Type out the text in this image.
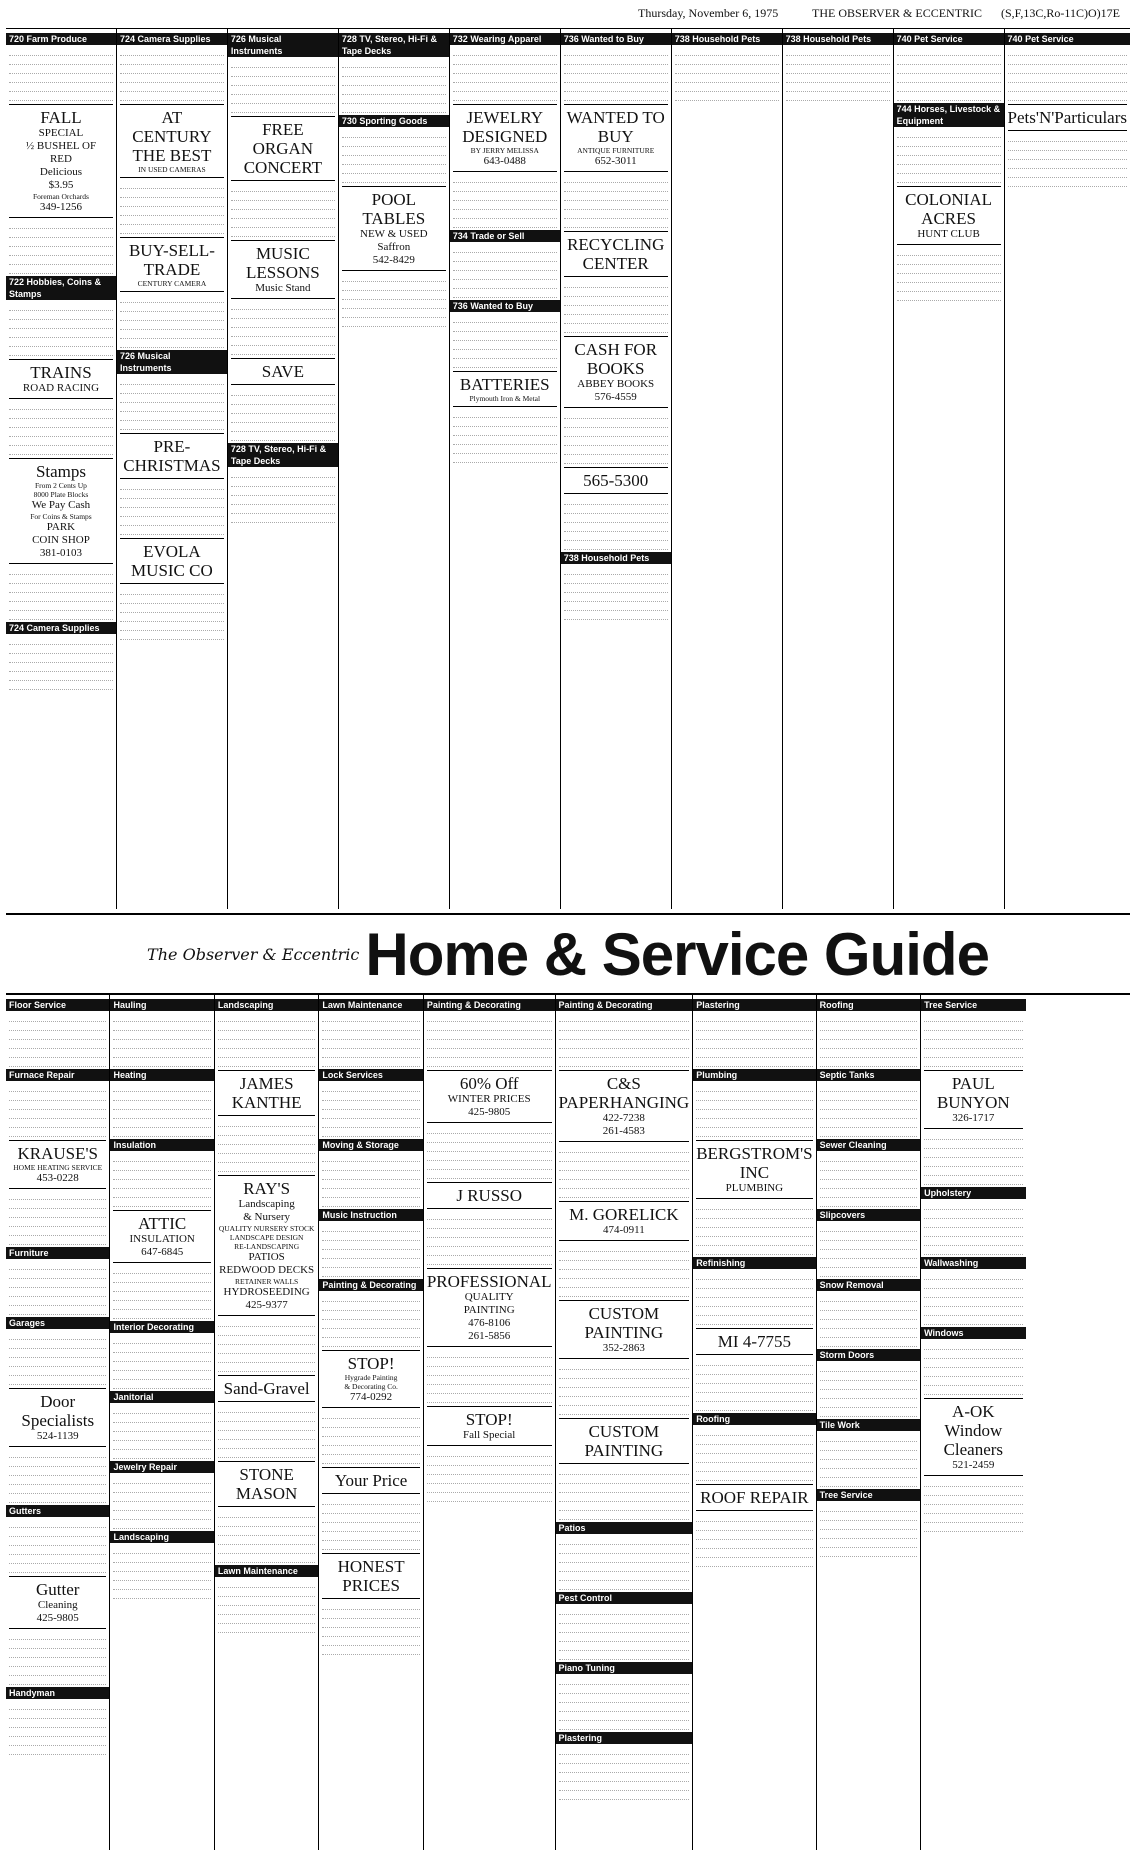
Thursday, November 6, 1975	THE OBSERVER & ECCENTRIC (S,F,13C,Ro-11C)O)17E
720 Farm Produce
FALL
SPECIAL
½ BUSHEL OF
RED
Delicious
$3.95
Foreman Orchards
349-1256
722 Hobbies, Coins & Stamps
TRAINS
ROAD RACING
Stamps
From 2 Cents Up
8000 Plate Blocks
We Pay Cash
For Coins & Stamps
PARK
COIN SHOP
381-0103
724 Camera Supplies
724 Camera Supplies
AT CENTURY THE BEST
IN USED CAMERAS
BUY-SELL-TRADE
CENTURY CAMERA
726 Musical Instruments
PRE-CHRISTMAS
EVOLA MUSIC CO
726 Musical Instruments
FREE ORGAN CONCERT
MUSIC LESSONS
Music Stand
SAVE
728 TV, Stereo, Hi-Fi & Tape Decks
728 TV, Stereo, Hi-Fi & Tape Decks
730 Sporting Goods
POOL TABLES
NEW & USED
Saffron
542-8429
732 Wearing Apparel
JEWELRY DESIGNED
BY JERRY MELISSA
643-0488
734 Trade or Sell
736 Wanted to Buy
BATTERIES
Plymouth Iron & Metal
736 Wanted to Buy
WANTED TO BUY
ANTIQUE FURNITURE
652-3011
RECYCLING CENTER
CASH FOR BOOKS
ABBEY BOOKS
576-4559
565-5300
738 Household Pets
738 Household Pets	738 Household Pets	740 Pet Service
744 Horses, Livestock & Equipment
COLONIAL ACRES
HUNT CLUB
740 Pet Service
Pets'N'Particulars
The Observer & Eccentric Home & Service Guide
Floor Service
Furnace Repair
KRAUSE'S
HOME HEATING SERVICE
453-0228
Furniture
Garages
Door Specialists
524-1139
Gutters
Gutter
Cleaning
425-9805
Handyman
Hauling
Heating
Insulation
ATTIC
INSULATION
647-6845
Interior Decorating
Janitorial
Jewelry Repair
Landscaping
Landscaping
JAMES KANTHE
RAY'S
Landscaping
& Nursery
QUALITY NURSERY STOCK
LANDSCAPE DESIGN
RE-LANDSCAPING
PATIOS
REDWOOD DECKS
RETAINER WALLS
HYDROSEEDING
425-9377
Sand-Gravel
STONE MASON
Lawn Maintenance
Lawn Maintenance
Lock Services
Moving & Storage
Music Instruction
Painting & Decorating
STOP!
Hygrade Painting
& Decorating Co.
774-0292
Your Price
HONEST PRICES
Painting & Decorating
60% Off
WINTER PRICES
425-9805
J RUSSO
PROFESSIONAL
QUALITY
PAINTING
476-8106
261-5856
STOP!
Fall Special
Painting & Decorating
C&S PAPERHANGING
422-7238
261-4583
M. GORELICK
474-0911
CUSTOM PAINTING
352-2863
CUSTOM PAINTING
Patios
Pest Control
Piano Tuning
Plastering
Plastering
Plumbing
BERGSTROM'S INC
PLUMBING
Refinishing
MI 4-7755
Roofing
ROOF REPAIR
Roofing
Septic Tanks
Sewer Cleaning
Slipcovers
Snow Removal
Storm Doors
Tile Work
Tree Service
Tree Service
PAUL BUNYON
326-1717
Upholstery
Wallwashing
Windows
A-OK Window Cleaners
521-2459
